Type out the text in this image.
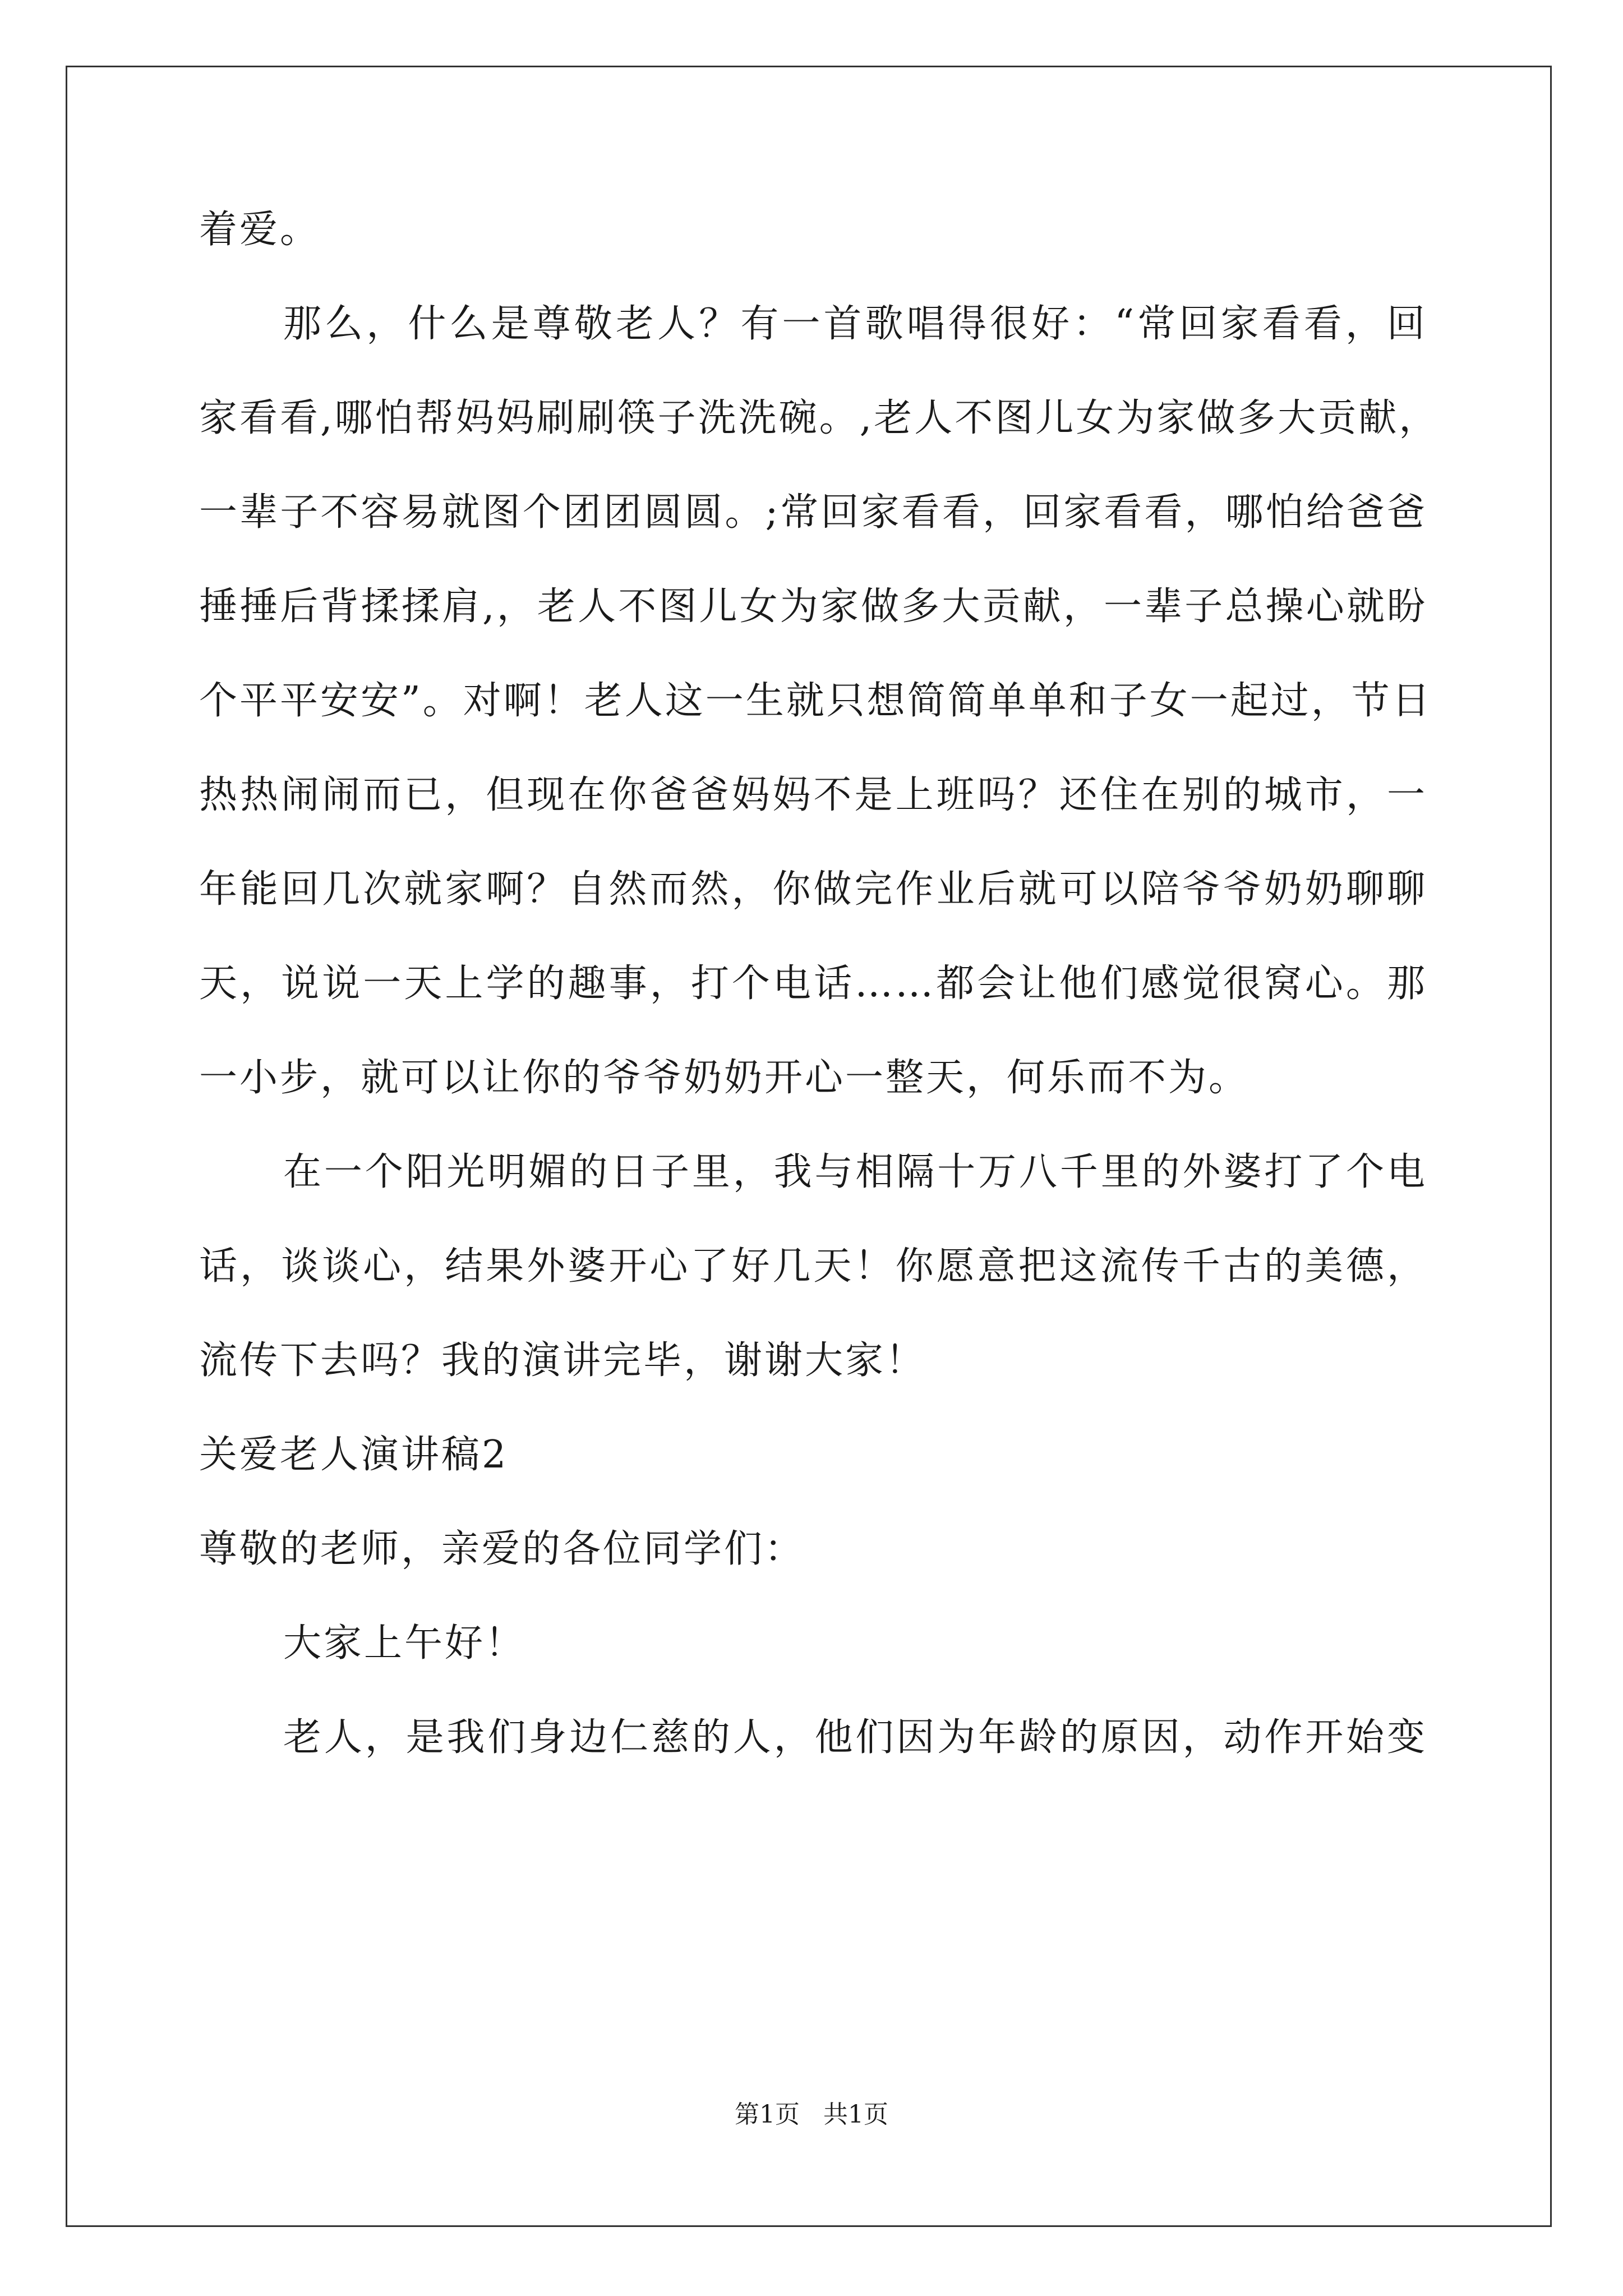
着爱。
那么，什么是尊敬老人？有一首歌唱得很好：“常回家看看，回
家看看,哪怕帮妈妈刷刷筷子洗洗碗。,老人不图儿女为家做多大贡献，
一辈子不容易就图个团团圆圆。;常回家看看，回家看看，哪怕给爸爸
捶捶后背揉揉肩,，老人不图儿女为家做多大贡献，一辈子总操心就盼
个平平安安”。对啊！老人这一生就只想简简单单和子女一起过，节日
热热闹闹而已，但现在你爸爸妈妈不是上班吗？还住在别的城市，一
年能回几次就家啊？自然而然，你做完作业后就可以陪爷爷奶奶聊聊
天，说说一天上学的趣事，打个电话……都会让他们感觉很窝心。那
一小步，就可以让你的爷爷奶奶开心一整天，何乐而不为。
在一个阳光明媚的日子里，我与相隔十万八千里的外婆打了个电
话，谈谈心，结果外婆开心了好几天！你愿意把这流传千古的美德，
流传下去吗？我的演讲完毕，谢谢大家！
关爱老人演讲稿2
尊敬的老师，亲爱的各位同学们：
大家上午好！
老人，是我们身边仁慈的人，他们因为年龄的原因，动作开始变
第1页   共1页
